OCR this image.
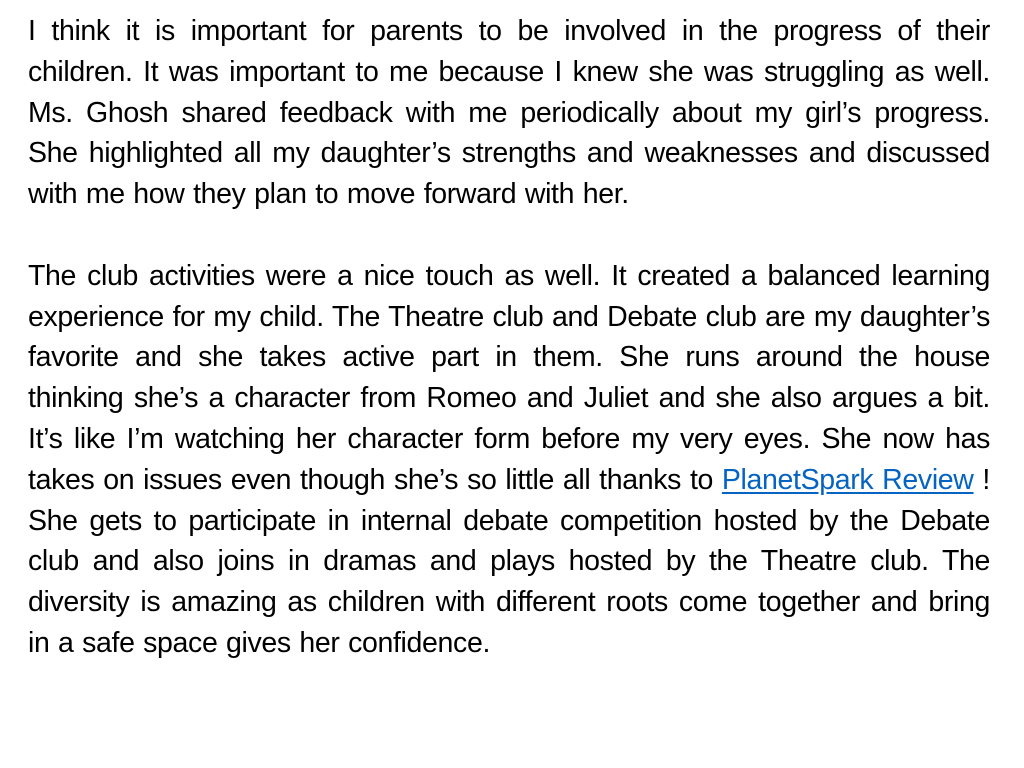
I think it is important for parents to be involved in the progress of their children. It was important to me because I knew she was struggling as well. Ms. Ghosh shared feedback with me periodically about my girl’s progress. She highlighted all my daughter’s strengths and weaknesses and discussed with me how they plan to move forward with her.

The club activities were a nice touch as well. It created a balanced learning experience for my child. The Theatre club and Debate club are my daughter’s favorite and she takes active part in them. She runs around the house thinking she’s a character from Romeo and Juliet and she also argues a bit. It’s like I’m watching her character form before my very eyes. She now has takes on issues even though she’s so little all thanks to PlanetSpark Review ! She gets to participate in internal debate competition hosted by the Debate club and also joins in dramas and plays hosted by the Theatre club. The diversity is amazing as children with different roots come together and bring in a safe space gives her confidence.
